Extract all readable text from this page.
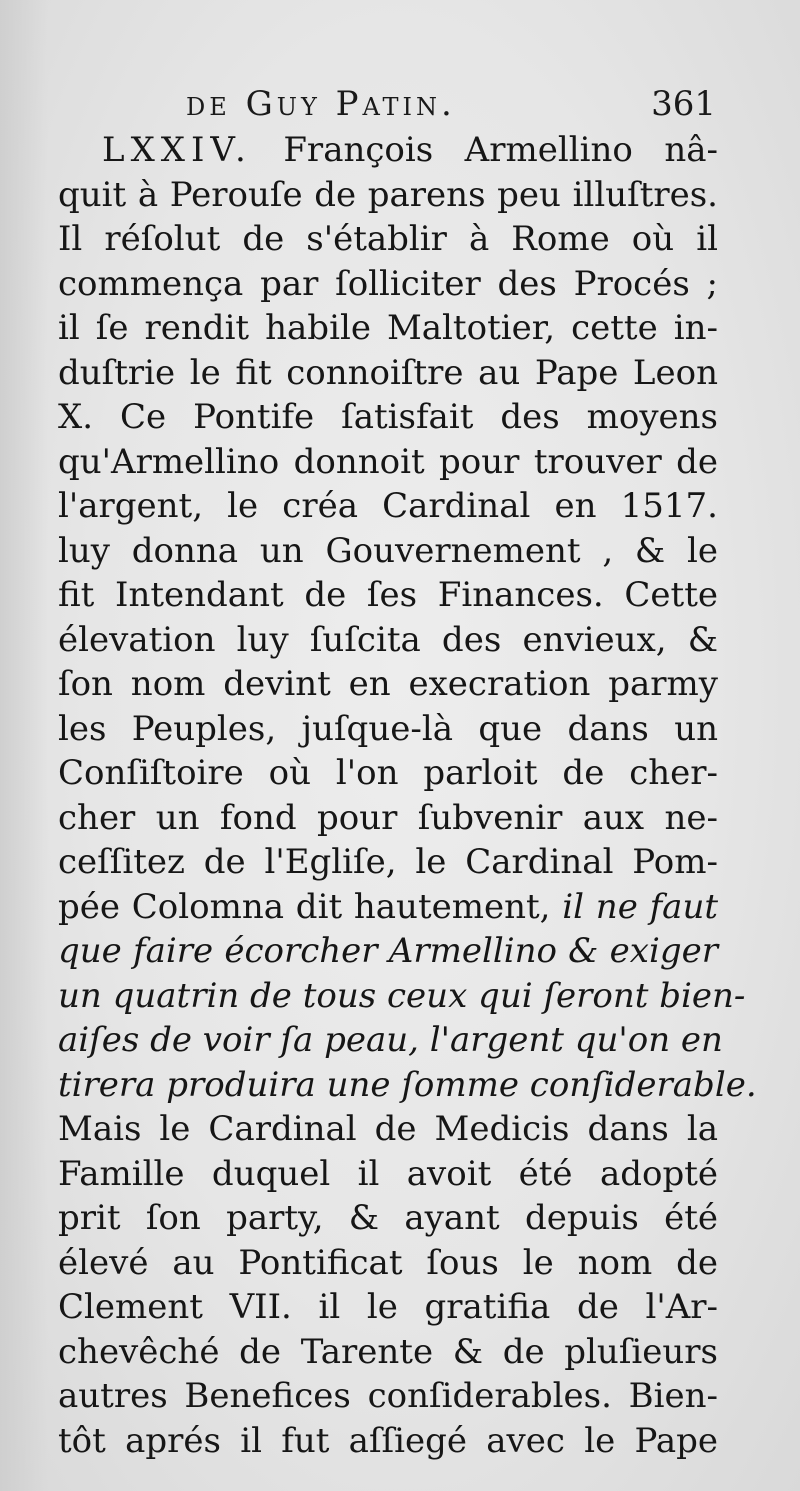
de Guy Patin.	361
LXXIV. François Armellino nâ-
quit à Perouſe de parens peu illuſtres.
Il réſolut de s'établir à Rome où il
commença par ſolliciter des Procés ;
il ſe rendit habile Maltotier, cette in-
duſtrie le fit connoiſtre au Pape Leon
X. Ce Pontife ſatisfait des moyens
qu'Armellino donnoit pour trouver de
l'argent, le créa Cardinal en 1517.
luy donna un Gouvernement , & le
fit Intendant de ſes Finances. Cette
élevation luy ſuſcita des envieux, &
ſon nom devint en execration parmy
les Peuples, juſque-là que dans un
Conſiſtoire où l'on parloit de cher-
cher un fond pour ſubvenir aux ne-
ceſſitez de l'Egliſe, le Cardinal Pom-
pée Colomna dit hautement, il ne faut
que faire écorcher Armellino & exiger
un quatrin de tous ceux qui ſeront bien-
aiſes de voir ſa peau, l'argent qu'on en
tirera produira une ſomme conſiderable.
Mais le Cardinal de Medicis dans la
Famille duquel il avoit été adopté
prit ſon party, & ayant depuis été
élevé au Pontificat ſous le nom de
Clement VII. il le gratifia de l'Ar-
chevêché de Tarente & de pluſieurs
autres Benefices conſiderables. Bien-
tôt aprés il fut aſſiegé avec le Pape
